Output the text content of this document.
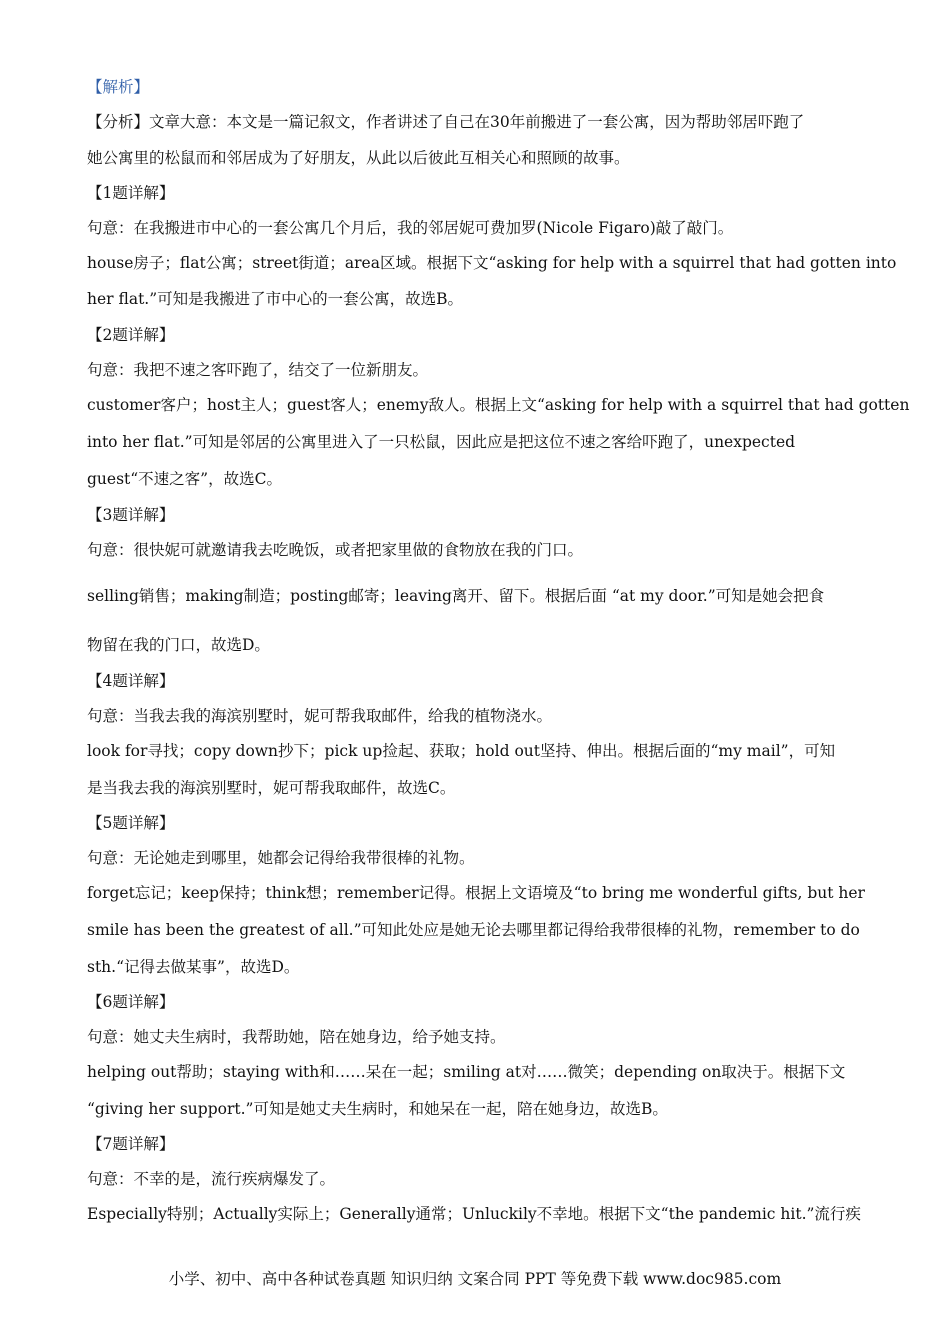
【解析】
【分析】文章大意：本文是一篇记叙文，作者讲述了自己在30年前搬进了一套公寓，因为帮助邻居吓跑了
她公寓里的松鼠而和邻居成为了好朋友，从此以后彼此互相关心和照顾的故事。
【1题详解】
句意：在我搬进市中心的一套公寓几个月后，我的邻居妮可费加罗(Nicole Figaro)敲了敲门。
house房子；flat公寓；street街道；area区域。根据下文“asking for help with a squirrel that had gotten into
her flat.”可知是我搬进了市中心的一套公寓，故选B。
【2题详解】
句意：我把不速之客吓跑了，结交了一位新朋友。
customer客户；host主人；guest客人；enemy敌人。根据上文“asking for help with a squirrel that had gotten
into her flat.”可知是邻居的公寓里进入了一只松鼠，因此应是把这位不速之客给吓跑了，unexpected
guest“不速之客”，故选C。
【3题详解】
句意：很快妮可就邀请我去吃晚饭，或者把家里做的食物放在我的门口。
selling销售；making制造；posting邮寄；leaving离开、留下。根据后面 “at my door.”可知是她会把食
物留在我的门口，故选D。
【4题详解】
句意：当我去我的海滨别墅时，妮可帮我取邮件，给我的植物浇水。
look for寻找；copy down抄下；pick up捡起、获取；hold out坚持、伸出。根据后面的“my mail”，可知
是当我去我的海滨别墅时，妮可帮我取邮件，故选C。
【5题详解】
句意：无论她走到哪里，她都会记得给我带很棒的礼物。
forget忘记；keep保持；think想；remember记得。根据上文语境及“to bring me wonderful gifts, but her
smile has been the greatest of all.”可知此处应是她无论去哪里都记得给我带很棒的礼物，remember to do
sth.“记得去做某事”，故选D。
【6题详解】
句意：她丈夫生病时，我帮助她，陪在她身边，给予她支持。
helping out帮助；staying with和……呆在一起；smiling at对……微笑；depending on取决于。根据下文
“giving her support.”可知是她丈夫生病时，和她呆在一起，陪在她身边，故选B。
【7题详解】
句意：不幸的是，流行疾病爆发了。
Especially特别；Actually实际上；Generally通常；Unluckily不幸地。根据下文“the pandemic hit.”流行疾
小学、初中、高中各种试卷真题 知识归纳 文案合同 PPT 等免费下载 www.doc985.com
